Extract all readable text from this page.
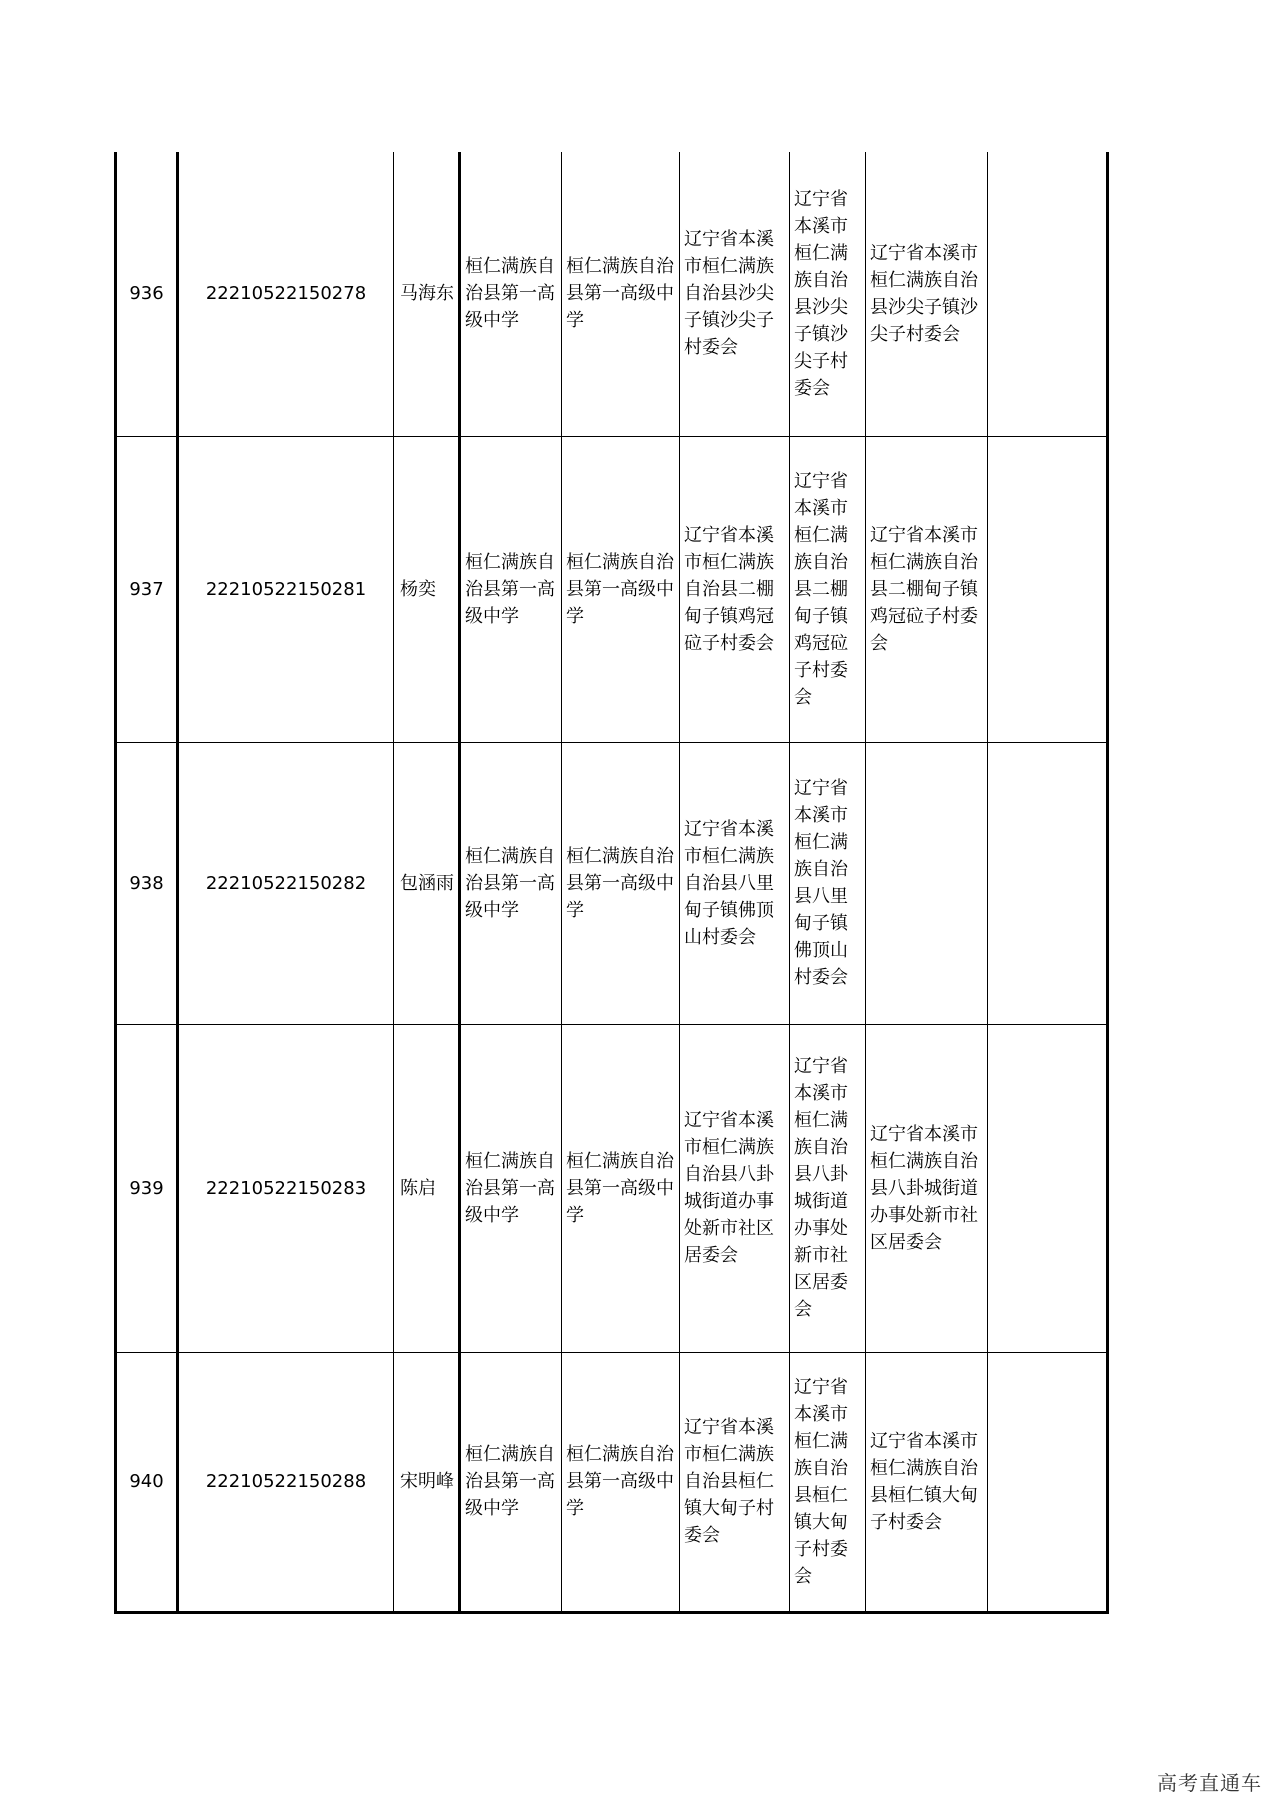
936	22210522150278	马海东	桓仁满族自治县第一高级中学	桓仁满族自治县第一高级中学	辽宁省本溪市桓仁满族自治县沙尖子镇沙尖子村委会	辽宁省本溪市桓仁满族自治县沙尖子镇沙尖子村委会	辽宁省本溪市桓仁满族自治县沙尖子镇沙尖子村委会	
937	22210522150281	杨奕	桓仁满族自治县第一高级中学	桓仁满族自治县第一高级中学	辽宁省本溪市桓仁满族自治县二棚甸子镇鸡冠砬子村委会	辽宁省本溪市桓仁满族自治县二棚甸子镇鸡冠砬子村委会	辽宁省本溪市桓仁满族自治县二棚甸子镇鸡冠砬子村委会	
938	22210522150282	包涵雨	桓仁满族自治县第一高级中学	桓仁满族自治县第一高级中学	辽宁省本溪市桓仁满族自治县八里甸子镇佛顶山村委会	辽宁省本溪市桓仁满族自治县八里甸子镇佛顶山村委会		
939	22210522150283	陈启	桓仁满族自治县第一高级中学	桓仁满族自治县第一高级中学	辽宁省本溪市桓仁满族自治县八卦城街道办事处新市社区居委会	辽宁省本溪市桓仁满族自治县八卦城街道办事处新市社区居委会	辽宁省本溪市桓仁满族自治县八卦城街道办事处新市社区居委会	
940	22210522150288	宋明峰	桓仁满族自治县第一高级中学	桓仁满族自治县第一高级中学	辽宁省本溪市桓仁满族自治县桓仁镇大甸子村委会	辽宁省本溪市桓仁满族自治县桓仁镇大甸子村委会	辽宁省本溪市桓仁满族自治县桓仁镇大甸子村委会	
高考直通车
